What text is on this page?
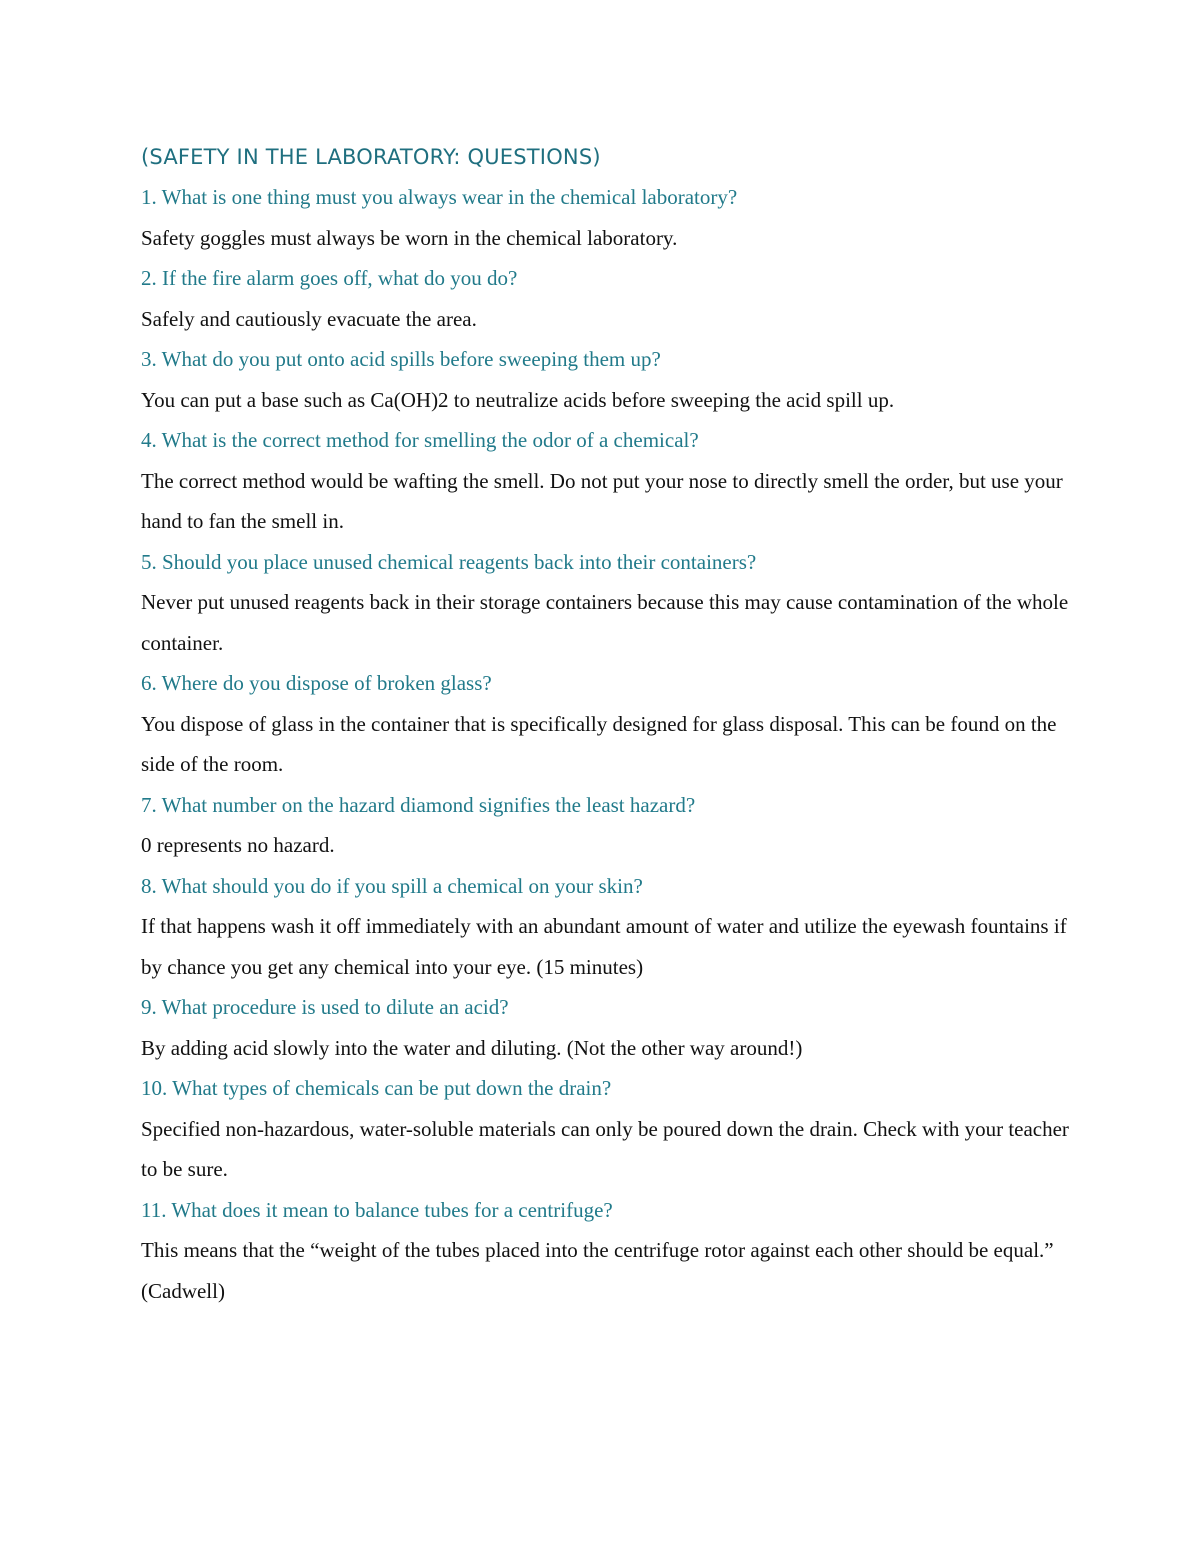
(SAFETY IN THE LABORATORY: QUESTIONS)
1. What is one thing must you always wear in the chemical laboratory?

Safety goggles must always be worn in the chemical laboratory.

2. If the fire alarm goes off, what do you do?

Safely and cautiously evacuate the area.

3. What do you put onto acid spills before sweeping them up?

You can put a base such as Ca(OH)2 to neutralize acids before sweeping the acid spill up.

4. What is the correct method for smelling the odor of a chemical?

The correct method would be wafting the smell. Do not put your nose to directly smell the order, but use your hand to fan the smell in.

5. Should you place unused chemical reagents back into their containers?

Never put unused reagents back in their storage containers because this may cause contamination of the whole container.

6. Where do you dispose of broken glass?

You dispose of glass in the container that is specifically designed for glass disposal. This can be found on the side of the room.

7. What number on the hazard diamond signifies the least hazard?

0 represents no hazard.

8. What should you do if you spill a chemical on your skin?

If that happens wash it off immediately with an abundant amount of water and utilize the eyewash fountains if by chance you get any chemical into your eye. (15 minutes)

9. What procedure is used to dilute an acid?

By adding acid slowly into the water and diluting. (Not the other way around!)

10. What types of chemicals can be put down the drain?

Specified non-hazardous, water-soluble materials can only be poured down the drain. Check with your teacher to be sure.

11. What does it mean to balance tubes for a centrifuge?

This means that the “weight of the tubes placed into the centrifuge rotor against each other should be equal.” (Cadwell)
